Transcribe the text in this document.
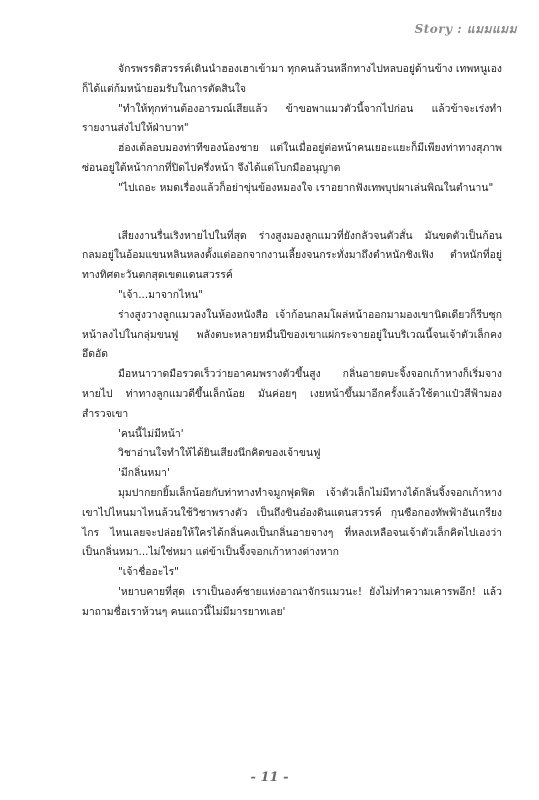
Story : แมมแมม

จักรพรรดิสวรรค์เดินนำฮองเฮาเข้ามา ทุกคนล้วนหลีกทางไปหลบอยู่ด้านข้าง เทพหนูเองก็ได้แต่ก้มหน้ายอมรับในการตัดสินใจ

"ทำให้ทุกท่านต้องอารมณ์เสียแล้ว ข้าขอพาแมวตัวนี้จากไปก่อน แล้วข้าจะเร่งทำรายงานส่งไปให้ฝ่าบาท"

ฮ่องเต้ลอบมองท่าทีของน้องชาย แต่ในเมื่ออยู่ต่อหน้าคนเยอะแยะก็มีเพียงท่าทางสุภาพซ่อนอยู่ใต้หน้ากากที่ปิดไปครึ่งหน้า จึงได้แต่โบกมืออนุญาต

"ไปเถอะ หมดเรื่องแล้วก็อย่าขุ่นข้องหมองใจ เราอยากฟังเทพบุปผาเล่นพิณในตำนาน"

เสียงงานรื่นเริงหายไปในที่สุด ร่างสูงมองลูกแมวที่ยังกลัวจนตัวสั่น มันขดตัวเป็นก้อนกลมอยู่ในอ้อมแขนหลินหลงตั้งแต่ออกจากงานเลี้ยงจนกระทั่งมาถึงตำหนักชิงเฟิง ตำหนักที่อยู่ทางทิศตะวันตกสุดเขตแดนสวรรค์

"เจ้า...มาจากไหน"

ร่างสูงวางลูกแมวลงในห้องหนังสือ เจ้าก้อนกลมโผล่หน้าออกมามองเขานิดเดียวก็รีบซุกหน้าลงไปในกลุ่มขนฟู พลังตบะหลายหมื่นปีของเขาแผ่กระจายอยู่ในบริเวณนี้จนเจ้าตัวเล็กคงอึดอัด

มือหนาวาดมือรวดเร็วว่ายอาคมพรางตัวขึ้นสูง กลิ่นอายตบะจิ้งจอกเก้าหางก็เริ่มจางหายไป ท่าทางลูกแมวดีขึ้นเล็กน้อย มันค่อยๆ เงยหน้าขึ้นมาอีกครั้งแล้วใช้ตาแป๋วสีฟ้ามองสำรวจเขา

'คนนี้ไม่มีหน้า'

วิชาอ่านใจทำให้ได้ยินเสียงนึกคิดของเจ้าขนฟู

'มีกลิ่นหมา'

มุมปากยกยิ้มเล็กน้อยกับท่าทางทำจมูกฟุดฟิด เจ้าตัวเล็กไม่มีทางได้กลิ่นจิ้งจอกเก้าหาง เขาไปไหนมาไหนล้วนใช้วิชาพรางตัว เป็นถึงขินอ๋องดินแดนสวรรค์ กุนซือกองทัพฟ้าอันเกรียงไกร ไหนเลยจะปล่อยให้ใครได้กลิ่นคงเป็นกลิ่นอายจางๆ ที่หลงเหลือจนเจ้าตัวเล็กคิดไปเองว่าเป็นกลิ่นหมา...ไม่ใช่หมา แต่ข้าเป็นจิ้งจอกเก้าหางต่างหาก

"เจ้าชื่ออะไร"

'หยาบคายที่สุด เราเป็นองค์ชายแห่งอาณาจักรแมวนะ! ยังไม่ทำความเคารพอีก! แล้วมาถามชื่อเราห้วนๆ คนแถวนี้ไม่มีมารยาทเลย'

- 11 -
